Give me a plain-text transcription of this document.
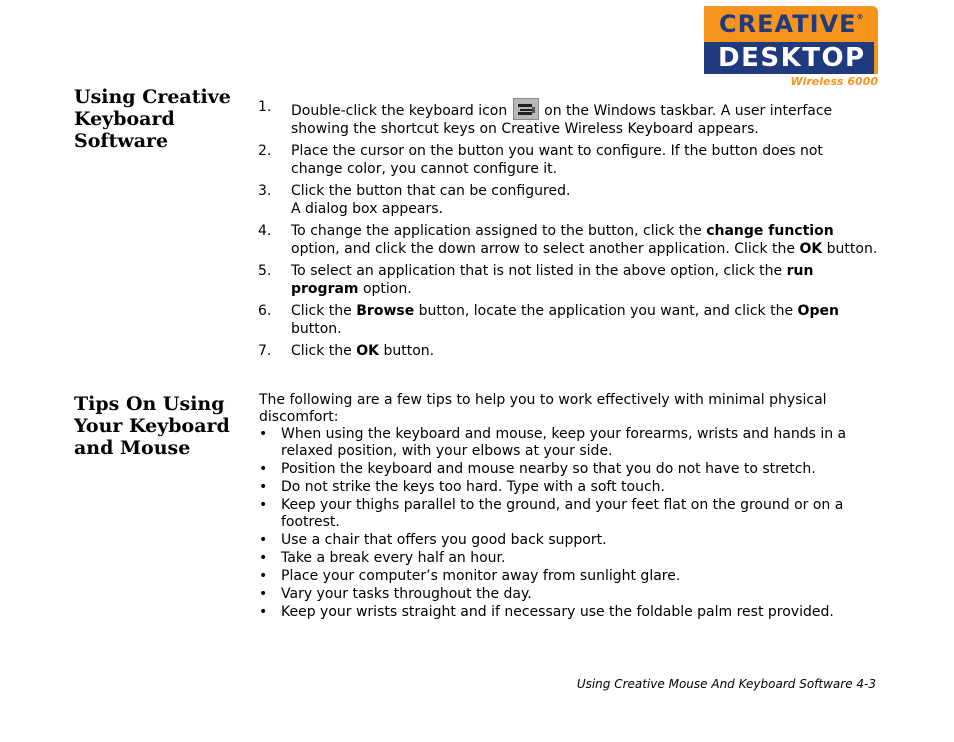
CREATIVE ®
DESKTOP
Wireless 6000
Using Creative Keyboard Software
1. Double-click the keyboard icon
on the Windows taskbar. A user interface showing the shortcut keys on Creative Wireless Keyboard appears.
2. Place the cursor on the button you want to configure. If the button does not change color, you cannot configure it.
3. Click the button that can be configured.
A dialog box appears.
4. To change the application assigned to the button, click the change function option, and click the down arrow to select another application. Click the OK button.
5. To select an application that is not listed in the above option, click the run program option.
6. Click the Browse button, locate the application you want, and click the Open button.
7. Click the OK button.
Tips On Using Your Keyboard and Mouse

The following are a few tips to help you to work effectively with minimal physical discomfort:

• When using the keyboard and mouse, keep your forearms, wrists and hands in a relaxed position, with your elbows at your side.
• Position the keyboard and mouse nearby so that you do not have to stretch.
• Do not strike the keys too hard. Type with a soft touch.
• Keep your thighs parallel to the ground, and your feet flat on the ground or on a footrest.
• Use a chair that offers you good back support.
• Take a break every half an hour.
• Place your computer’s monitor away from sunlight glare.
• Vary your tasks throughout the day.
• Keep your wrists straight and if necessary use the foldable palm rest provided.
Using Creative Mouse And Keyboard Software 4-3
